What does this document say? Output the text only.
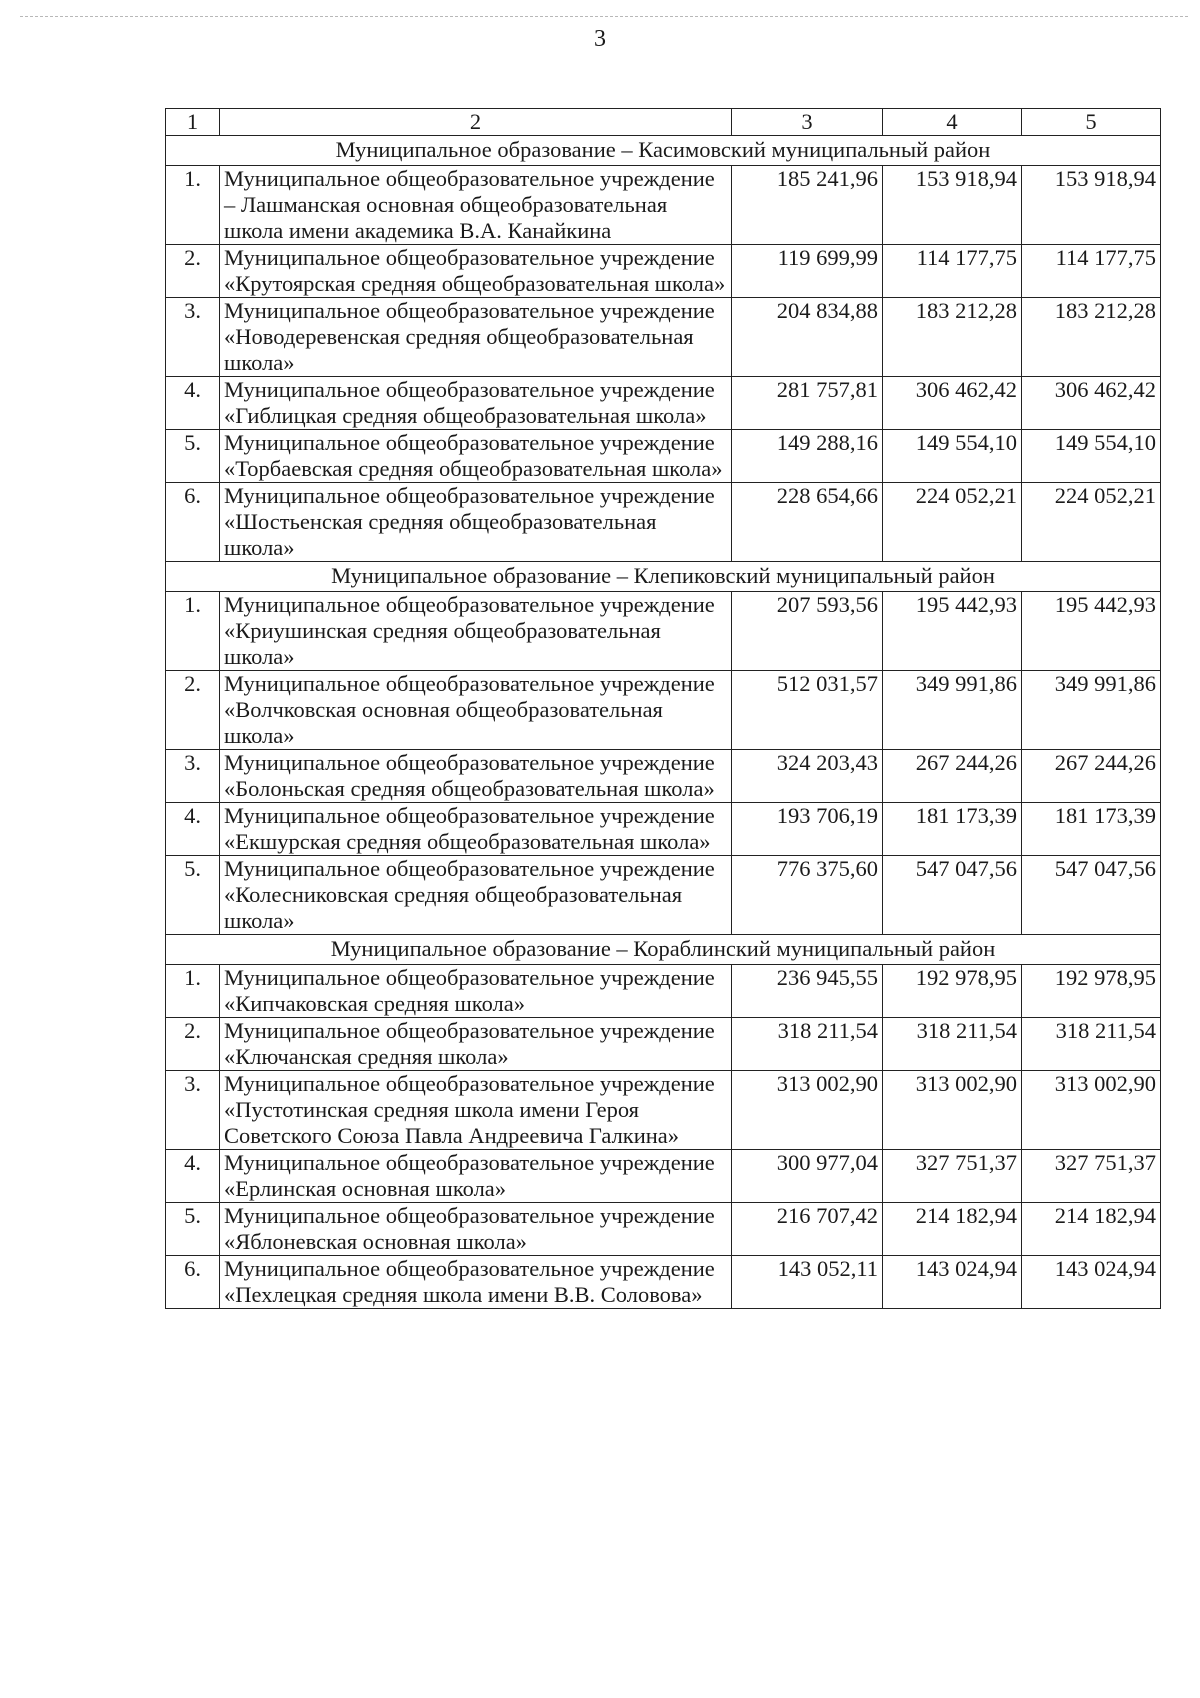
3
1	2	3	4	5
Муниципальное образование – Касимовский муниципальный район				
1.	Муниципальное общеобразовательное учреждение – Лашманская основная общеобразовательная школа имени академика В.А. Канайкина	185 241,96	153 918,94	153 918,94
2.	Муниципальное общеобразовательное учреждение «Крутоярская средняя общеобразовательная школа»	119 699,99	114 177,75	114 177,75
3.	Муниципальное общеобразовательное учреждение «Новодеревенская средняя общеобразовательная школа»	204 834,88	183 212,28	183 212,28
4.	Муниципальное общеобразовательное учреждение «Гиблицкая средняя общеобразовательная школа»	281 757,81	306 462,42	306 462,42
5.	Муниципальное общеобразовательное учреждение «Торбаевская средняя общеобразовательная школа»	149 288,16	149 554,10	149 554,10
6.	Муниципальное общеобразовательное учреждение «Шостьенская средняя общеобразовательная школа»	228 654,66	224 052,21	224 052,21
Муниципальное образование – Клепиковский муниципальный район				
1.	Муниципальное общеобразовательное учреждение «Криушинская средняя общеобразовательная школа»	207 593,56	195 442,93	195 442,93
2.	Муниципальное общеобразовательное учреждение «Волчковская основная общеобразовательная школа»	512 031,57	349 991,86	349 991,86
3.	Муниципальное общеобразовательное учреждение «Болоньская средняя общеобразовательная школа»	324 203,43	267 244,26	267 244,26
4.	Муниципальное общеобразовательное учреждение «Екшурская средняя общеобразовательная школа»	193 706,19	181 173,39	181 173,39
5.	Муниципальное общеобразовательное учреждение «Колесниковская средняя общеобразовательная школа»	776 375,60	547 047,56	547 047,56
Муниципальное образование – Кораблинский муниципальный район				
1.	Муниципальное общеобразовательное учреждение «Кипчаковская средняя школа»	236 945,55	192 978,95	192 978,95
2.	Муниципальное общеобразовательное учреждение «Ключанская средняя школа»	318 211,54	318 211,54	318 211,54
3.	Муниципальное общеобразовательное учреждение «Пустотинская средняя школа имени Героя Советского Союза Павла Андреевича Галкина»	313 002,90	313 002,90	313 002,90
4.	Муниципальное общеобразовательное учреждение «Ерлинская основная школа»	300 977,04	327 751,37	327 751,37
5.	Муниципальное общеобразовательное учреждение «Яблоневская основная школа»	216 707,42	214 182,94	214 182,94
6.	Муниципальное общеобразовательное учреждение «Пехлецкая средняя школа имени В.В. Соловова»	143 052,11	143 024,94	143 024,94
